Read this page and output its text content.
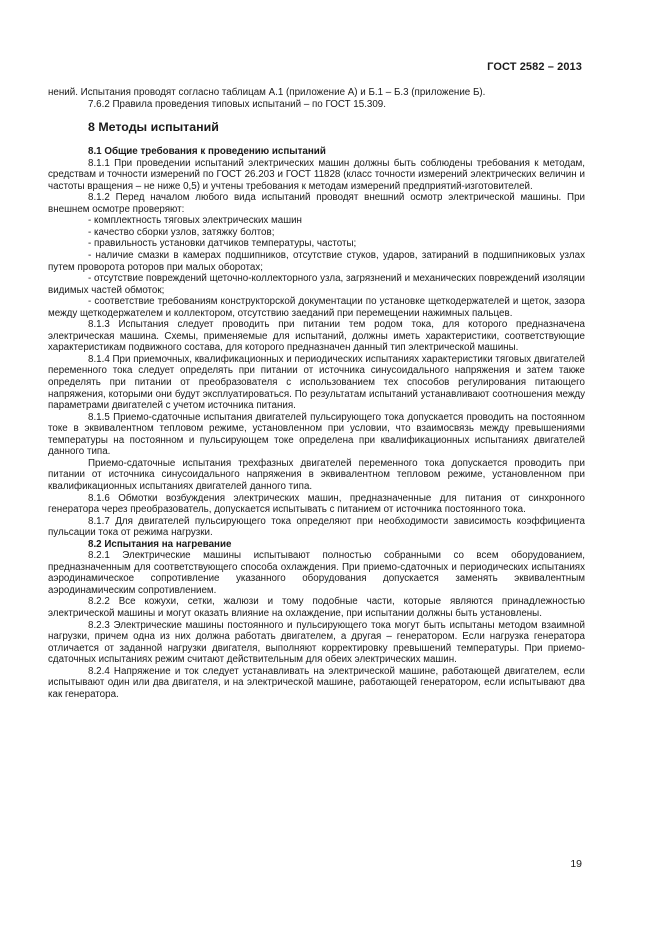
ГОСТ 2582 – 2013

нений. Испытания проводят согласно таблицам А.1 (приложение А) и Б.1 – Б.3 (приложение Б).

7.6.2 Правила проведения типовых испытаний – по ГОСТ 15.309.

8 Методы испытаний

8.1 Общие требования к проведению испытаний

8.1.1 При проведении испытаний электрических машин должны быть соблюдены требования к методам, средствам и точности измерений по ГОСТ 26.203 и ГОСТ 11828 (класс точности измерений электрических величин и частоты вращения – не ниже 0,5) и учтены требования к методам измерений предприятий-изготовителей.

8.1.2 Перед началом любого вида испытаний проводят внешний осмотр электрической машины. При внешнем осмотре проверяют:

- комплектность тяговых электрических машин

- качество сборки узлов, затяжку болтов;

- правильность установки датчиков температуры, частоты;

- наличие смазки в камерах подшипников, отсутствие стуков, ударов, затираний в подшипниковых узлах путем проворота роторов при малых оборотах;

- отсутствие повреждений щеточно-коллекторного узла, загрязнений и механических повреждений изоляции видимых частей обмоток;

- соответствие требованиям конструкторской документации по установке щеткодержателей и щеток, зазора между щеткодержателем и коллектором, отсутствию заеданий при перемещении нажимных пальцев.

8.1.3 Испытания следует проводить при питании тем родом тока, для которого предназначена электрическая машина. Схемы, применяемые для испытаний, должны иметь характеристики, соответствующие характеристикам подвижного состава, для которого предназначен данный тип электрической машины.

8.1.4 При приемочных, квалификационных и периодических испытаниях характеристики тяговых двигателей переменного тока следует определять при питании от источника синусоидального напряжения и затем также определять при питании от преобразователя с использованием тех способов регулирования питающего напряжения, которыми они будут эксплуатироваться. По результатам испытаний устанавливают соотношения между параметрами двигателей с учетом источника питания.

8.1.5 Приемо-сдаточные испытания двигателей пульсирующего тока допускается проводить на постоянном токе в эквивалентном тепловом режиме, установленном при условии, что взаимосвязь между превышениями температуры на постоянном и пульсирующем токе определена при квалификационных испытаниях двигателей данного типа.

Приемо-сдаточные испытания трехфазных двигателей переменного тока допускается проводить при питании от источника синусоидального напряжения в эквивалентном тепловом режиме, установленном при квалификационных испытаниях двигателей данного типа.

8.1.6 Обмотки возбуждения электрических машин, предназначенные для питания от синхронного генератора через преобразователь, допускается испытывать с питанием от источника постоянного тока.

8.1.7 Для двигателей пульсирующего тока определяют при необходимости зависимость коэффициента пульсации тока от режима нагрузки.

8.2 Испытания на нагревание

8.2.1 Электрические машины испытывают полностью собранными со всем оборудованием, предназначенным для соответствующего способа охлаждения. При приемо-сдаточных и периодических испытаниях аэродинамическое сопротивление указанного оборудования допускается заменять эквивалентным аэродинамическим сопротивлением.

8.2.2 Все кожухи, сетки, жалюзи и тому подобные части, которые являются принадлежностью электрической машины и могут оказать влияние на охлаждение, при испытании должны быть установлены.

8.2.3 Электрические машины постоянного и пульсирующего тока могут быть испытаны методом взаимной нагрузки, причем одна из них должна работать двигателем, а другая – генератором. Если нагрузка генератора отличается от заданной нагрузки двигателя, выполняют корректировку превышений температуры. При приемо-сдаточных испытаниях режим считают действительным для обеих электрических машин.

8.2.4 Напряжение и ток следует устанавливать на электрической машине, работающей двигателем, если испытывают один или два двигателя, и на электрической машине, работающей генератором, если испытывают два как генератора.

19
